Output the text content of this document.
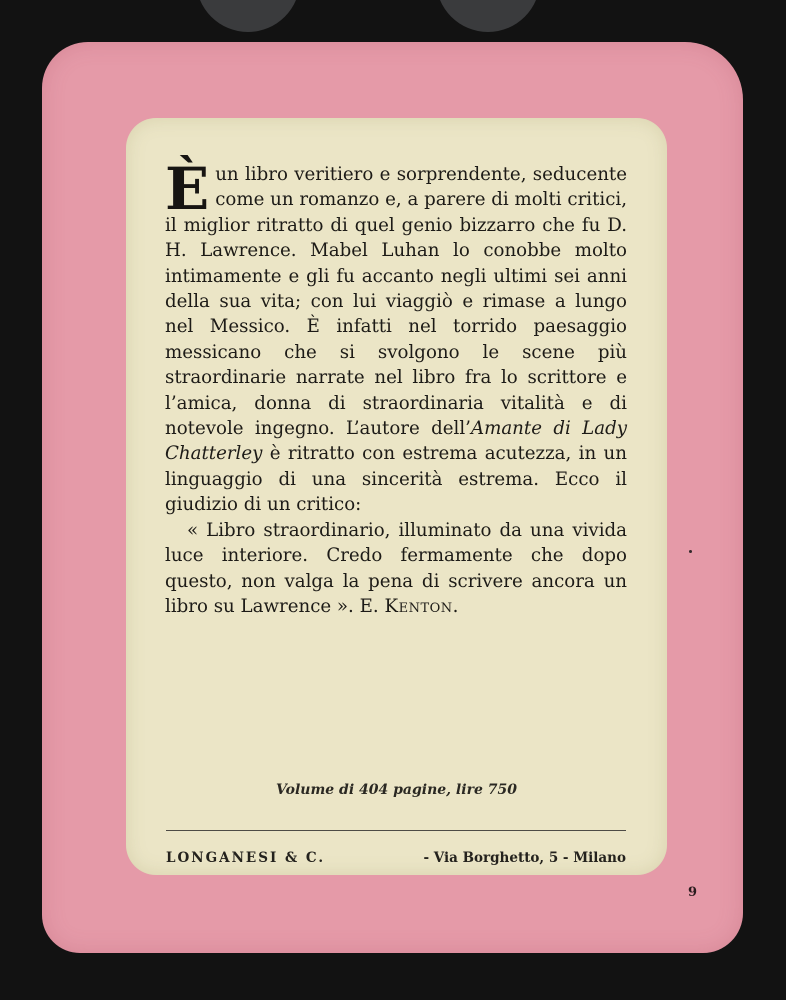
Èun libro veritiero e sorprendente, seducente come un romanzo e, a parere di molti critici, il miglior ritratto di quel genio bizzarro che fu D. H. Lawrence. Mabel Luhan lo conobbe molto intimamente e gli fu accanto negli ultimi sei anni della sua vita; con lui viaggiò e rimase a lungo nel Messico. È infatti nel torrido paesaggio messicano che si svolgono le scene più straordinarie narrate nel libro fra lo scrittore e l’amica, donna di straordinaria vitalità e di notevole ingegno. L’autore dell’Amante di Lady Chatterley è ritratto con estrema acutezza, in un linguaggio di una sincerità estrema. Ecco il giudizio di un critico:

« Libro straordinario, illuminato da una vivida luce interiore. Credo fermamente che dopo questo, non valga la pena di scrivere ancora un libro su Lawrence ». E. Kenton.

Volume di 404 pagine, lire 750
LONGANESI & C.	- Via Borghetto, 5 - Milano
9
